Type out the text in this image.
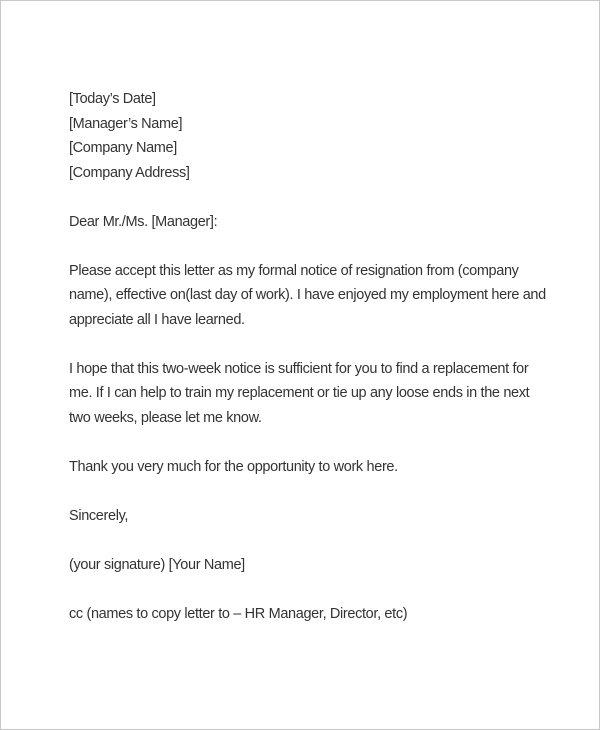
[Today’s Date]
[Manager’s Name]
[Company Name]
[Company Address]
Dear Mr./Ms. [Manager]:
Please accept this letter as my formal notice of resignation from (company
name), effective on(last day of work). I have enjoyed my employment here and
appreciate all I have learned.
I hope that this two-week notice is sufficient for you to find a replacement for
me. If I can help to train my replacement or tie up any loose ends in the next
two weeks, please let me know.
Thank you very much for the opportunity to work here.
Sincerely,
(your signature) [Your Name]
cc (names to copy letter to – HR Manager, Director, etc)
